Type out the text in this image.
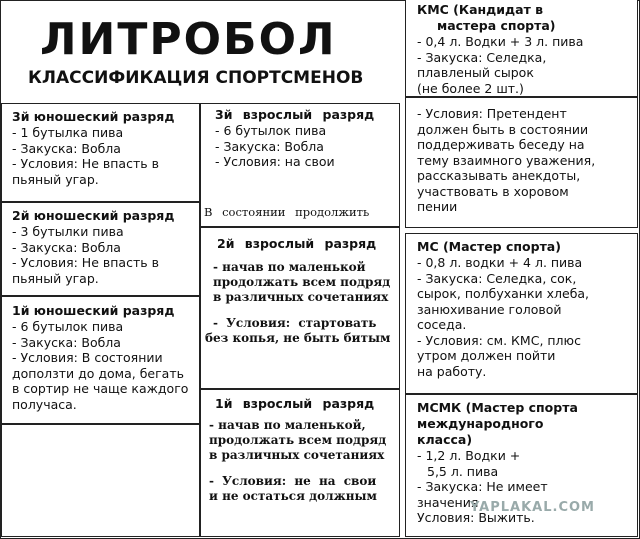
ЛИТРОБОЛ
КЛАССИФИКАЦИЯ СПОРТСМЕНОВ
3й юношеский разряд
- 1 бутылка пива
- Закуска: Вобла
- Условия: Не впасть в
пьяный угар.
2й юношеский разряд
- 3 бутылки пива
- Закуска: Вобла
- Условия: Не впасть в
пьяный угар.
1й юношеский разряд
- 6 бутылок пива
- Закуска: Вобла
- Условия: В состоянии
доползти до дома, бегать
в сортир не чаще каждого
получаса.
3й взрослый разряд
- 6 бутылок пива
- Закуска: Вобла
- Условия: на свои
В состоянии продолжить
2й взрослый разряд
- начав по маленькой
продолжать всем подряд
в различных сочетаниях
- Условия: стартовать
без копья, не быть битым
1й взрослый разряд
- начав по маленькой,
продолжать всем подряд
в различных сочетаниях
- Условия: не на свои
и не остаться должным
КМС (Кандидат в
мастера спорта)
- 0,4 л. Водки + 3 л. пива
- Закуска: Селедка,
плавленый сырок
(не более 2 шт.)
- Условия: Претендент
должен быть в состоянии
поддерживать беседу на
тему взаимного уважения,
рассказывать анекдоты,
участвовать в хоровом
пении
МС (Мастер спорта)
- 0,8 л. водки + 4 л. пива
- Закуска: Селедка, сок,
сырок, полбуханки хлеба,
занюхивание головой
соседа.
- Условия: см. КМС, плюс
утром должен пойти
на работу.
МСМК (Мастер спорта
международного
класса)
- 1,2 л. Водки +
5,5 л. пива
- Закуска: Не имеет
значения
Условия: Выжить.
YAPLAKAL.COM
